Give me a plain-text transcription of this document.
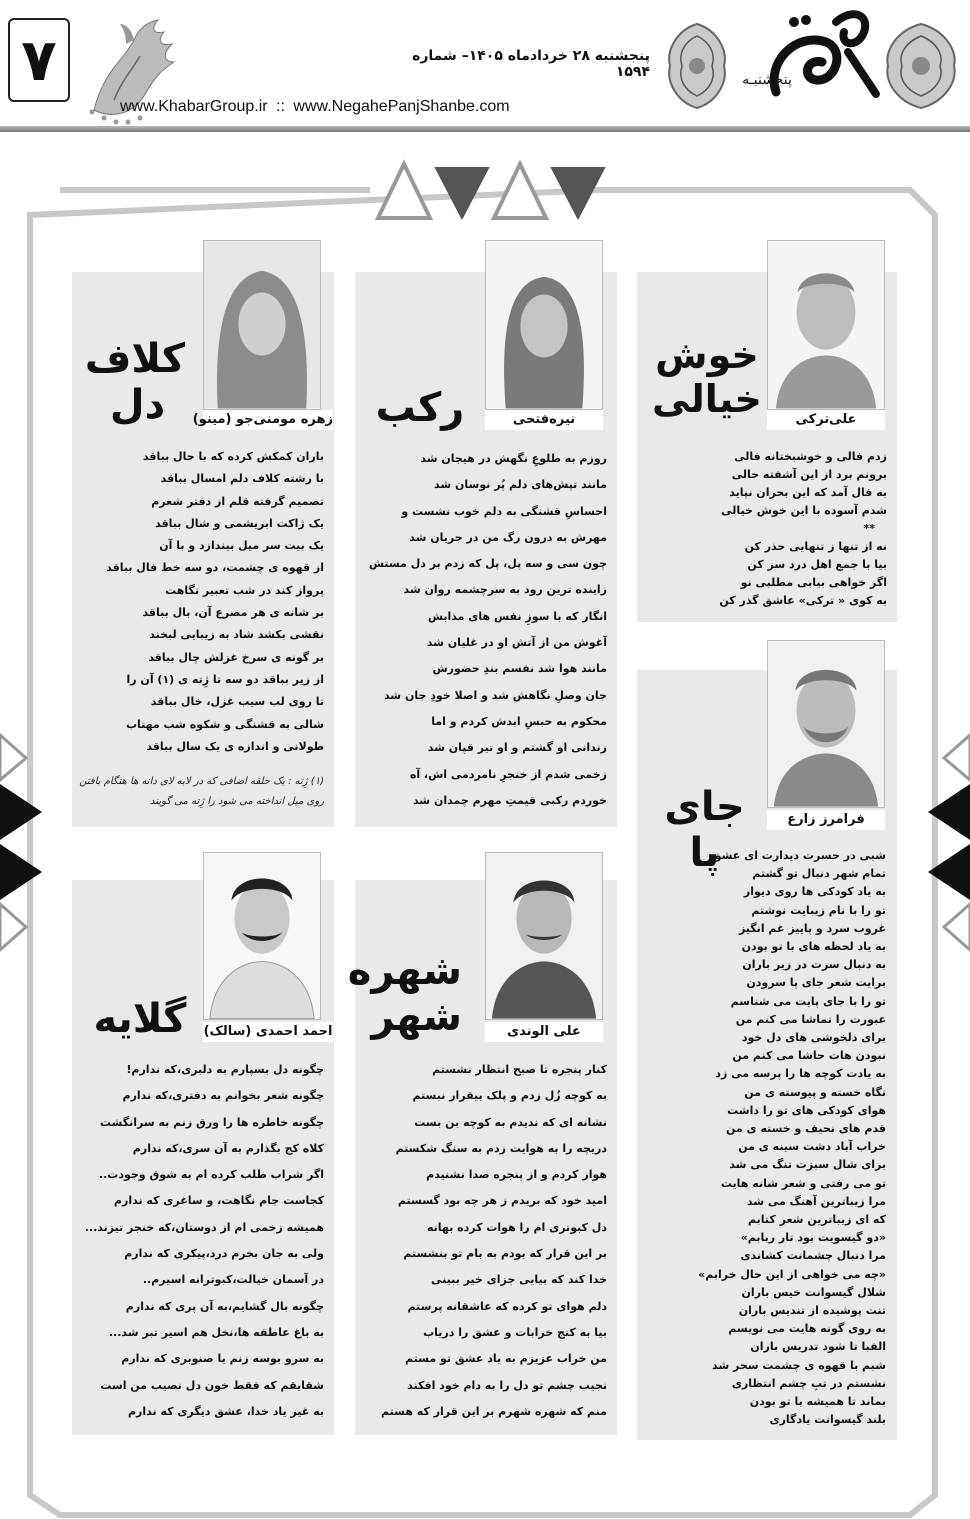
۷	پنجشنبه ۲۸ خردادماه ۱۴۰۵– شماره ۱۵۹۴
www.KhabarGroup.ir :: www.NegahePanjShanbe.com
پنجشنبـه
علی‌ترکی
خوش خیالی
زدم فالی و خوشبختانه فالی
برونم برد از این آشفته حالی
به فال آمد که این بحران نپاید
شدم آسوده با این خوش خیالی
**
نه از تنها ز تنهایی حذر کن
بیا با جمع اهل درد سر کن
اگر خواهی بیابی مطلبی نو
به کوی « ترکی» عاشق گذر کن
نیره‌فتحی
رکب
روزم به طلوعِ نگهش در هیجان شد
مانند تپش‌های دلم پُر نوسان شد
احساسِ قشنگی به دلم خوب نشست و
مهرش به درون رگ من در جریان شد
چون سی و سه پل، پل که زدم بر دل مستش
زاینده ترین رود به سرچشمه روان شد
انگار که با سوزِ نفس های مذابش
آغوش من از آتش او در غلیان شد
مانند هوا شد نفسم بندِ حضورش
جان وصلِ نگاهش شد و اصلا خودِ جان شد
محکوم به حبسِ ابدش کردم و اما
زندانی او گشتم و او تیر قپان شد
زخمی شدم از خنجرِ نامردمی اش، آه
خوردم رکبی قیمتِ مهرم چمدان شد
زهره مومنی‌جو (مینو)
کلاف دل
باران کمکش کرده که با حال بباقد
با رشته کلاف دلم امسال بباقد
تصمیم گرفته قلم از دفتر شعرم
یک ژاکت ابریشمی و شال بباقد
یک بیت سر میل بیندازد و با آن
از قهوه ی چشمت، دو سه خط فال بباقد
پرواز کند در شب تعبیر نگاهت
بر شانه ی هر مصرع آن، بال بباقد
نقشی بکشد شاد به زیبایی لبخند
بر گونه ی سرخ غزلش چال بباقد
از زیر بباقد دو سه تا ژِته ی (۱) آن را
تا روی لب سیب غزل، خال بباقد
شالی به قشنگی و شکوه شب مهتاب
طولانی و اندازه ی یک سال بباقد
(۱) ژِته : یک حلقه اضافی که در لابه لای دانه ها هنگام بافتن
روی میل انداخته می شود را ژِته می گویند
فرامرز زارع
جای پا
شبی در حسرت دیدارت ای عشق
تمام شهر دنبال تو گشتم
به یاد کودکی ها روی دیوار
تو را با نام زیبایت نوشتم
غروب سرد و پاییز غم انگیز
به یاد لحظه های با تو بودن
به دنبال سرت در زیر باران
برایت شعر جای پا سرودن
تو را با جای پایت می شناسم
عبورت را تماشا می کنم من
برای دلخوشی های دل خود
نبودن هات حاشا می کنم من
به یادت کوچه ها را پرسه می زد
نگاه خسته و پیوسته ی من
هوای کودکی های تو را داشت
قدم های نحیف و خسته ی من
خراب آباد دشت سینه ی من
برای شال سبزت تنگ می شد
تو می رفتی و شعر شانه هایت
مرا زیباترین آهنگ می شد
که ای زیباترین شعر کتابم
«دو گیسویت بود تار ربابم»
مرا دنبال چشمانت کشاندی
«چه می خواهی از این حال خرابم»
شلال گیسوانت خیس باران
تنت پوشیده از تندیس باران
به روی گونه هایت می نویسم
الفبا تا شود تدریس باران
شبم با قهوه ی چشمت سحر شد
نشستم در تبِ چشم انتظاری
بماند تا همیشه با تو بودن
بلند گیسوانت یادگاری
علی الوندی
شهره شهر
کنار پنجره تا صبح انتظار نشستم
به کوچه زُل زدم و پلک بیقرار نبستم
نشانه ای که ندیدم به کوچه بن بست
دریچه را به هوایت زدم به سنگ شکستم
هوار کردم و از پنجره صدا نشنیدم
امید خود که بریدم ز هر چه بود گسستم
دل کبوتری ام را هوات کرده بهانه
بر این قرار که بودم به بام تو بنشستم
خدا کند که بیایی جزای خیر ببینی
دلم هوای تو کرده که عاشقانه پرستم
بیا به کنج خرابات و عشق را دریاب
من خراب عزیزم به یاد عشق تو مستم
نجیب چشم تو دل را به دام خود افکند
منم که شهره شهرم بر این قرار که هستم
احمد احمدی (سالک)
گلایه
چگونه دل بسپارم به دلبری،که ندارم!
چگونه شعر بخوانم به دفتری،که ندارم
چگونه خاطره ها را ورق زنم به سرانگشت
کلاه کج بگذارم به آن سری،که ندارم
اگر شراب طلب کرده ام به شوق وجودت..
کجاست جام نگاهت، و ساغری که ندارم
همیشه زخمی ام از دوستان،که خنجر تیزند...
ولی به جان بخرم درد،پیکری که ندارم
در آسمان خیالت،کبوترانه اسیرم..
چگونه بال گشایم،به آن پری که ندارم
به باغ عاطفه ها،نخل هم اسیر تبر شد...
به سرو بوسه زنم یا صنوبری که ندارم
شقایقم که فقط خون دل نصیب من است
به غیر یاد خدا، عشق دیگری که ندارم
